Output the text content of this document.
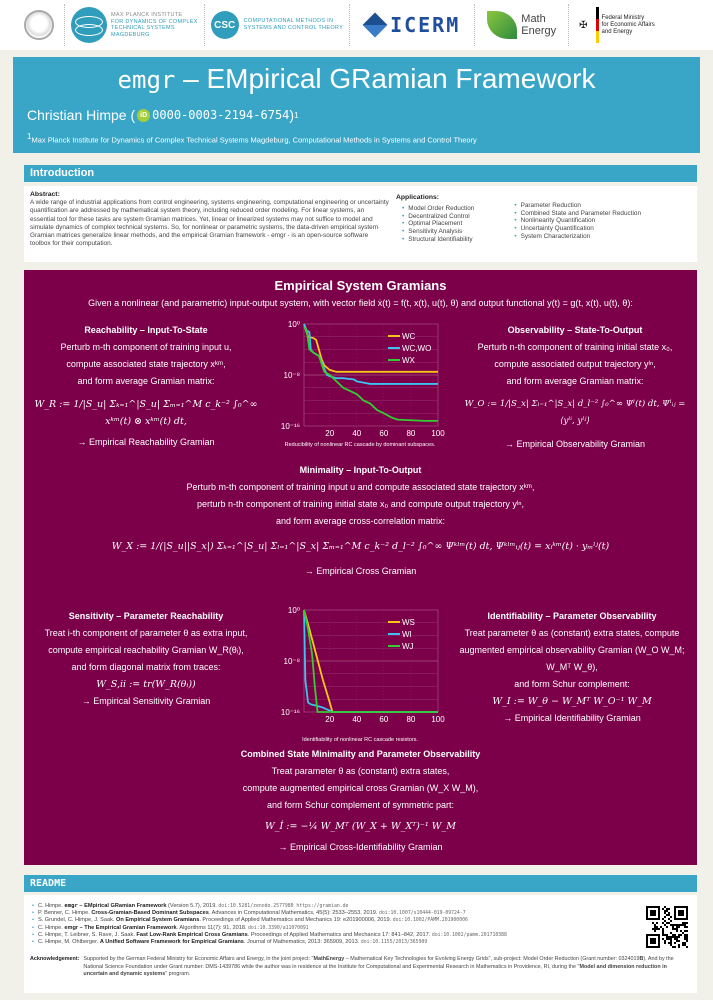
MAX PLANCK INSTITUTE
FOR DYNAMICS OF COMPLEX
TECHNICAL SYSTEMS
MAGDEBURG
CSC	COMPUTATIONAL METHODS IN
SYSTEMS AND CONTROL THEORY ICERM	Math
Energy ✠
Federal Ministry
for Economic Affairs
and Energy
emgr – EMpirical GRamian Framework
Christian Himpe ( iD 0000-0003-2194-6754 ) 1
$^1$Max Planck Institute for Dynamics of Complex Technical Systems Magdeburg, Computational Methods in Systems and Control Theory
Introduction
Abstract:
A wide range of industrial applications from control engineering, systems engineering, computational engineering or uncertainty quantification are addressed by mathematical system theory, including reduced order modeling. For linear systems, an essential tool for these tasks are system Gramian matrices. Yet, linear or linearized systems may not suffice to model and simulate dynamics of complex technical systems. So, for nonlinear or parametric systems, the data-driven empirical system Gramian matrices generalize linear methods, and the empirical Gramian framework - emgr - is an open-source software toolbox for their computation.
Applications:
• Model Order Reduction
• Decentralized Control
• Optimal Placement
• Sensitivity Analysis
• Structural Identifiability
• Parameter Reduction
• Combined State and Parameter Reduction
• Nonlinearity Quantification
• Uncertainty Quantification
• System Characterization
Empirical System Gramians
Given a nonlinear (and parametric) input-output system, with vector field ẋ(t) = f(t, x(t), u(t), θ) and output functional y(t) = g(t, x(t), u(t), θ):
Reachability – Input-To-State
Perturb m-th component of training input u,
compute associated state trajectory xᵏᵐ,
and form average Gramian matrix:
W_R := 1/|S_u| Σₖ₌₁^|S_u| Σₘ₌₁^M c_k⁻² ∫₀^∞ xᵏᵐ(t) ⊗ xᵏᵐ(t) dt,
→ Empirical Reachability Gramian
10⁰
10⁻⁸
10⁻¹⁶
20 40 60 80 100
WC
WC,WO
WX
Reducibility of nonlinear RC cascade by dominant subspaces.
Observability – State-To-Output
Perturb n-th component of training initial state x₀,
compute associated output trajectory yˡⁿ,
and form average Gramian matrix:
W_O := 1/|S_x| Σₗ₌₁^|S_x| d_l⁻² ∫₀^∞ Ψˡ(t) dt, Ψˡᵢⱼ = ⟨yˡⁱ, yˡʲ⟩
→ Empirical Observability Gramian
Minimality – Input-To-Output
Perturb m-th component of training input u and compute associated state trajectory xᵏᵐ,
perturb n-th component of training initial state x₀ and compute output trajectory yˡⁿ,
and form average cross-correlation matrix:
W_X := 1/(|S_u||S_x|) Σₖ₌₁^|S_u| Σₗ₌₁^|S_x| Σₘ₌₁^M c_k⁻² d_l⁻² ∫₀^∞ Ψᵏˡᵐ(t) dt, Ψᵏˡᵐᵢⱼ(t) = xᵢᵏᵐ(t) · yₘˡʲ(t)
→ Empirical Cross Gramian
Sensitivity – Parameter Reachability
Treat i-th component of parameter θ as extra input,
compute empirical reachability Gramian W_R(θᵢ),
and form diagonal matrix from traces:
W_S,ii := tr(W_R(θᵢ))
→ Empirical Sensitivity Gramian
10⁰
10⁻⁸
10⁻¹⁶
20 40 60 80 100
WS
WI
WJ
Identifiability of nonlinear RC cascade resistors.
Identifiability – Parameter Observability
Treat parameter θ as (constant) extra states, compute
augmented empirical observability Gramian (W_O W_M; W_Mᵀ W_θ),
and form Schur complement:
W_I := W_θ − W_Mᵀ W_O⁻¹ W_M
→ Empirical Identifiability Gramian
Combined State Minimality and Parameter Observability
Treat parameter θ as (constant) extra states,
compute augmented empirical cross Gramian (W_X W_M),
and form Schur complement of symmetric part:
W_İ := −¼ W_Mᵀ (W_X + W_Xᵀ)⁻¹ W_M
→ Empirical Cross-Identifiability Gramian
README
• C. Himpe. emgr – EMpirical GRamian Framework (Version 5.7), 2019. doi:10.5281/zenodo.2577980 https://gramian.de
• P. Benner, C. Himpe. Cross-Gramian-Based Dominant Subspaces. Advances in Computational Mathematics, 45(5): 2533–2553, 2019. doi:10.1007/s10444-019-09724-7
• S. Grundel, C. Himpe, J. Saak. On Empirical System Gramians. Proceedings of Applied Mathematics and Mechanics 19: e201900006, 2019. doi:10.1002/PAMM.201900006
• C. Himpe. emgr – The Empirical Gramian Framework. Algorithms 11(7): 91, 2018. doi:10.3390/a11070091
• C. Himpe, T. Leibner, S. Rave, J. Saak. Fast Low-Rank Empirical Cross Gramians. Proceedings of Applied Mathematics and Mechanics 17: 841–842, 2017. doi:10.1002/pamm.201710388
• C. Himpe, M. Ohlberger. A Unified Software Framework for Empirical Gramians. Journal of Mathematics, 2013: 365909, 2013. doi:10.1155/2013/365909
Acknowledgement: Supported by the German Federal Ministry for Economic Affairs and Energy, in the joint project: "MathEnergy – Mathematical Key Technologies for Evolving Energy Grids", sub-project: Model Order Reduction (Grant number: 0324019B). And by the National Science Foundation under Grant number: DMS-1439786 while the author was in residence at the Institute for Computational and Experimental Research in Mathematics in Providence, RI, during the "Model and dimension reduction in uncertain and dynamic systems" program.
